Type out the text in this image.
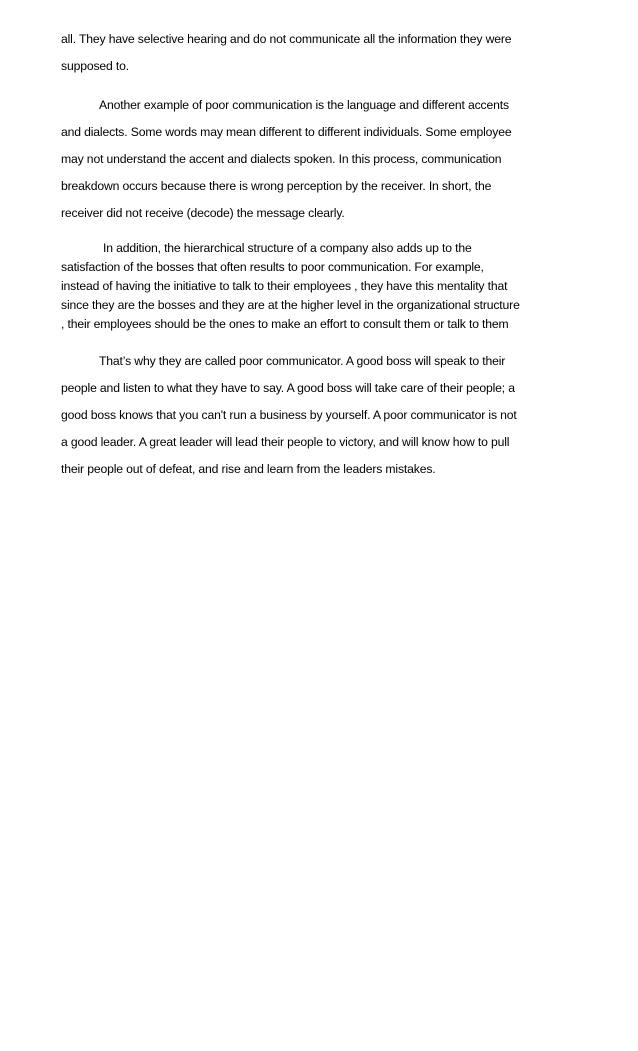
all. They have selective hearing and do not communicate all the information they were
supposed to.
Another example of poor communication is the language and different accents
and dialects. Some words may mean different to different individuals. Some employee
may not understand the accent and dialects spoken. In this process, communication
breakdown occurs because there is wrong perception by the receiver. In short, the
receiver did not receive (decode) the message clearly.
In addition, the hierarchical structure of a company also adds up to the
satisfaction of the bosses that often results to poor communication. For example,
instead of having the initiative to talk to their employees , they have this mentality that
since they are the bosses and they are at the higher level in the organizational structure
, their employees should be the ones to make an effort to consult them or talk to them
That’s why they are called poor communicator. A good boss will speak to their
people and listen to what they have to say. A good boss will take care of their people; a
good boss knows that you can't run a business by yourself. A poor communicator is not
a good leader. A great leader will lead their people to victory, and will know how to pull
their people out of defeat, and rise and learn from the leaders mistakes.
